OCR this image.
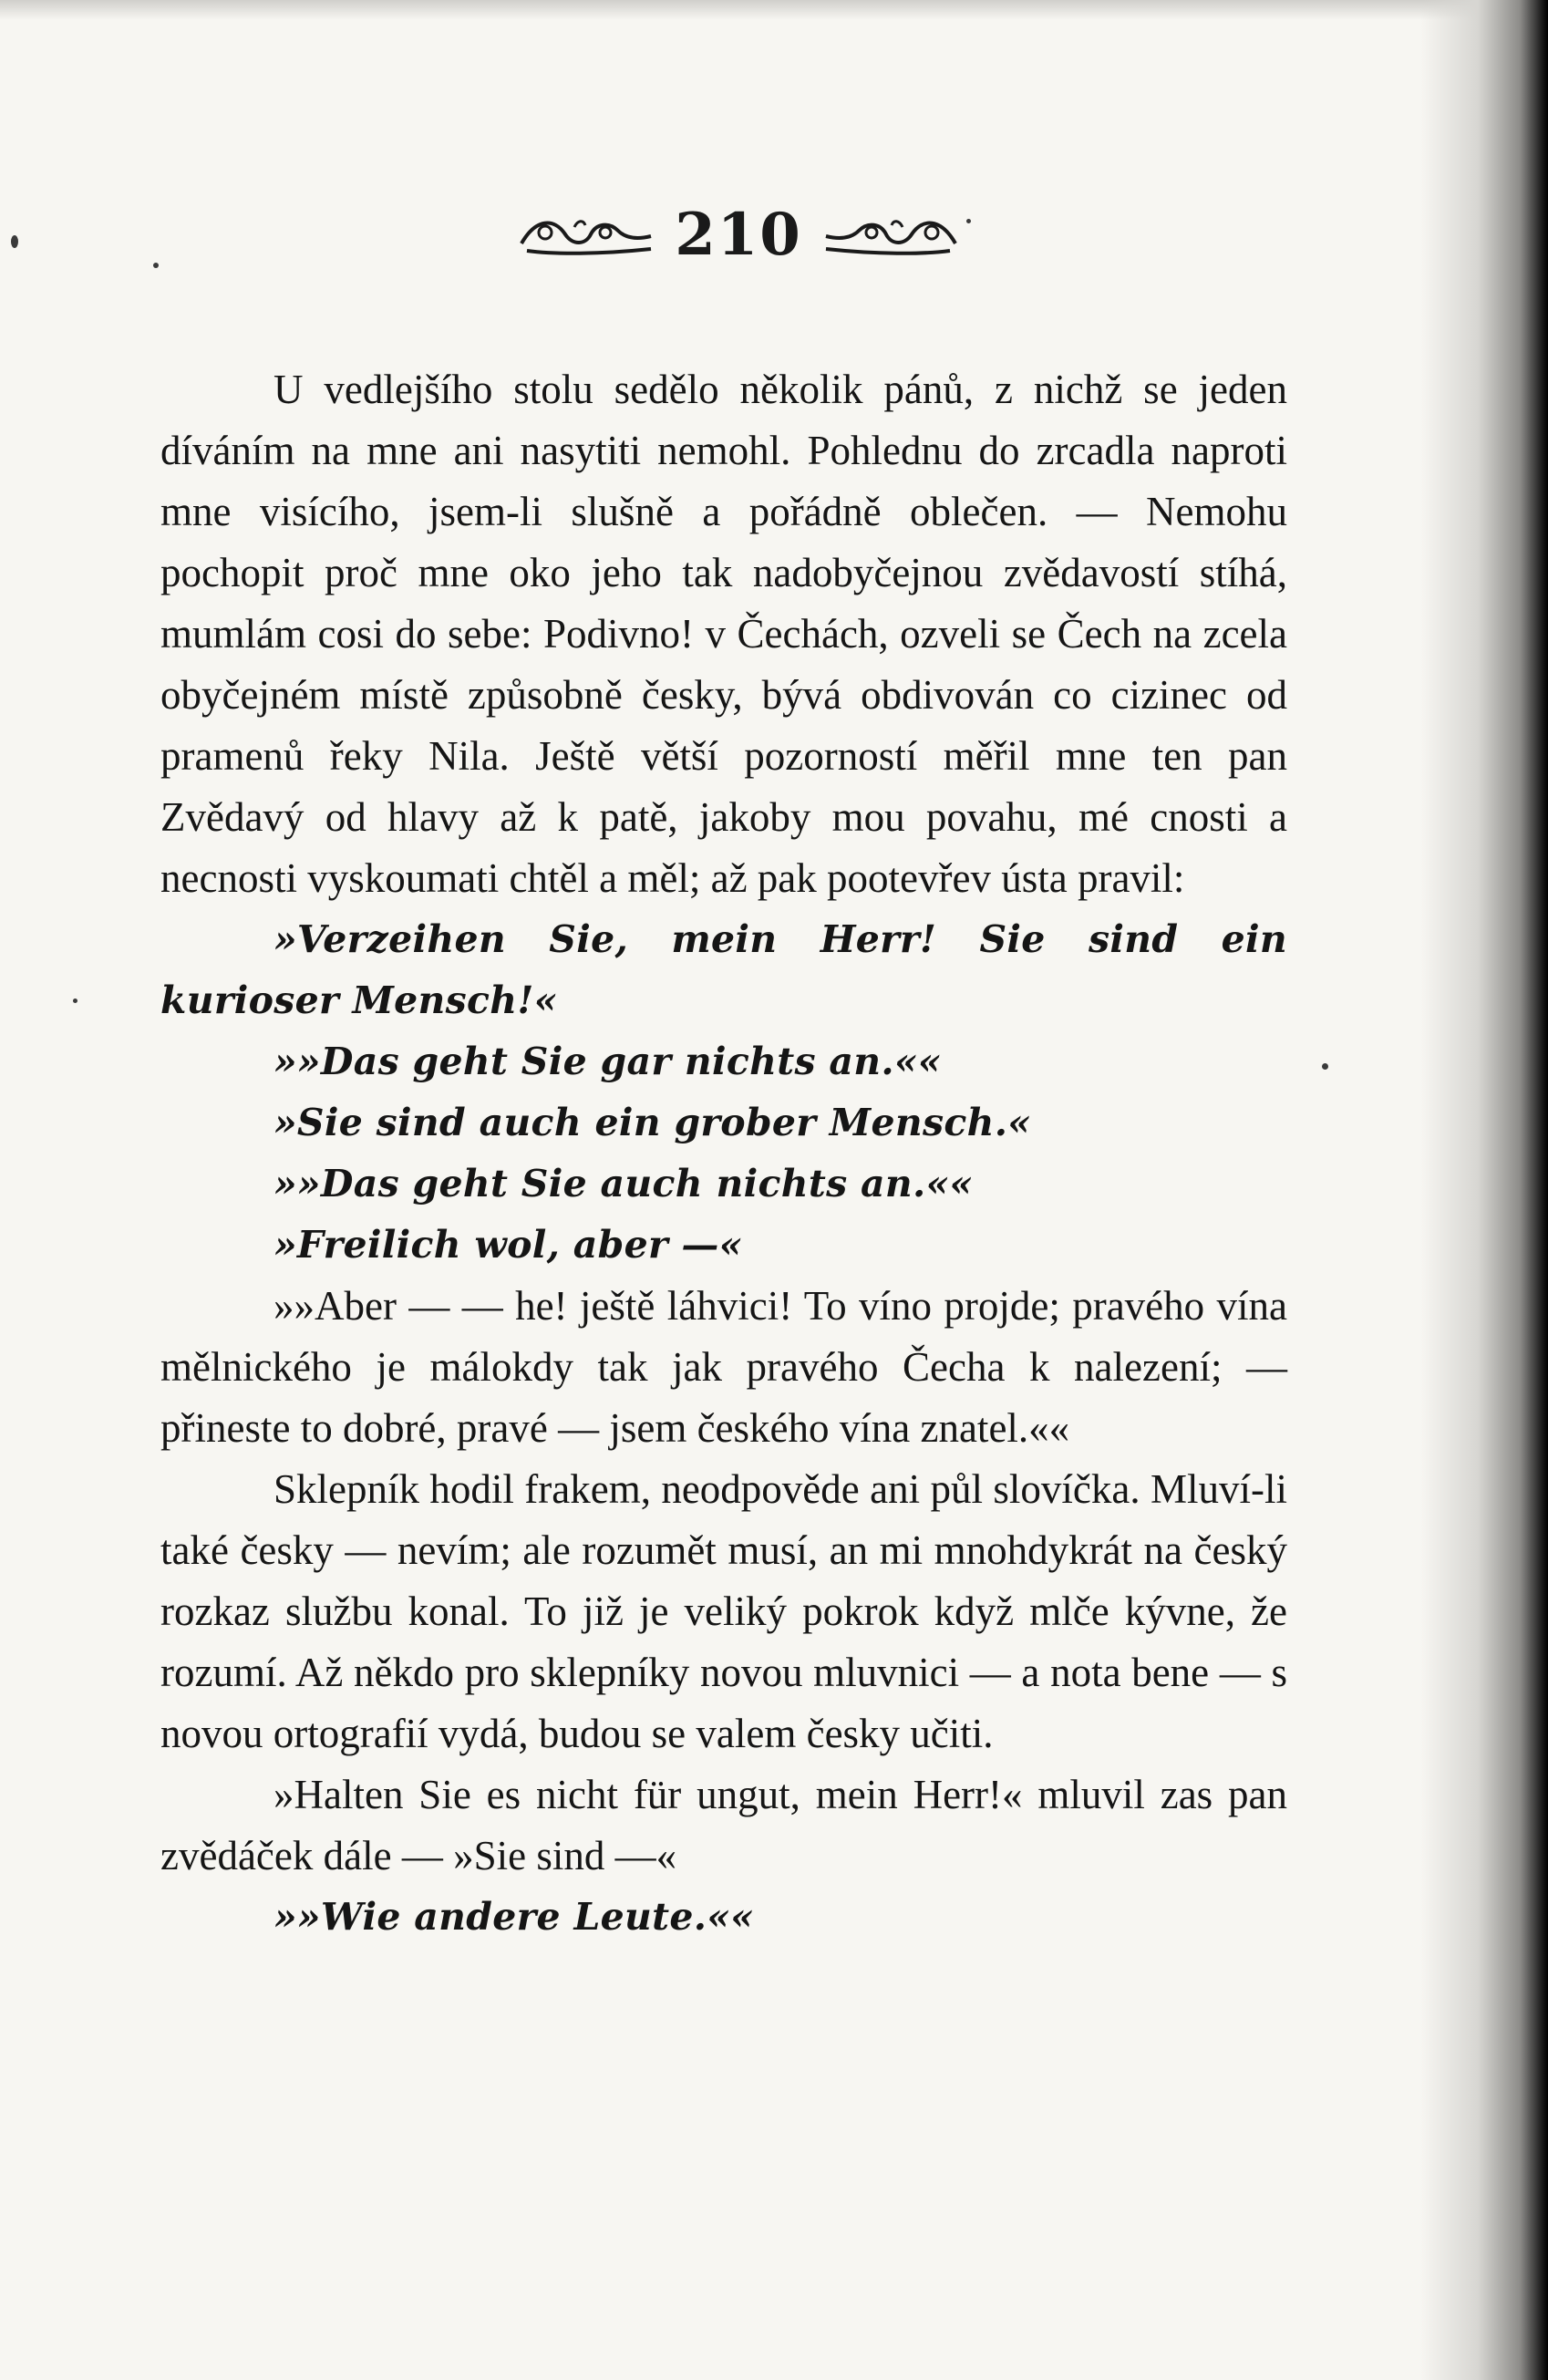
210

U vedlejšího stolu sedělo několik pánů, z nichž se jeden díváním na mne ani nasytiti nemohl. Pohlednu do zrcadla naproti mne visícího, jsem-li slušně a pořádně oblečen. — Nemohu pochopit proč mne oko jeho tak nadobyčejnou zvědavostí stíhá, mumlám cosi do sebe: Podivno! v Čechách, ozveli se Čech na zcela obyčejném místě způsobně česky, bývá obdivován co cizinec od pramenů řeky Nila. Ještě větší pozorností měřil mne ten pan Zvědavý od hlavy až k patě, jakoby mou povahu, mé cnosti a necnosti vyskoumati chtěl a měl; až pak pootevřev ústa pravil:

»Verzeihen Sie, mein Herr! Sie sind ein kurioser Mensch!«

»»Das geht Sie gar nichts an.««

»Sie sind auch ein grober Mensch.«

»»Das geht Sie auch nichts an.««

»Freilich wol, aber —«

»»Aber — — he! ještě láhvici! To víno projde; pravého vína mělnického je málokdy tak jak pravého Čecha k nalezení; — přineste to dobré, pravé — jsem českého vína znatel.««

Sklepník hodil frakem, neodpověde ani půl slovíčka. Mluví-li také česky — nevím; ale rozumět musí, an mi mnohdykrát na český rozkaz službu konal. To již je veliký pokrok když mlče kývne, že rozumí. Až někdo pro sklepníky novou mluvnici — a nota bene — s novou ortografií vydá, budou se valem česky učiti.

»Halten Sie es nicht für ungut, mein Herr!« mluvil zas pan zvědáček dále — »Sie sind —«

»»Wie andere Leute.««
